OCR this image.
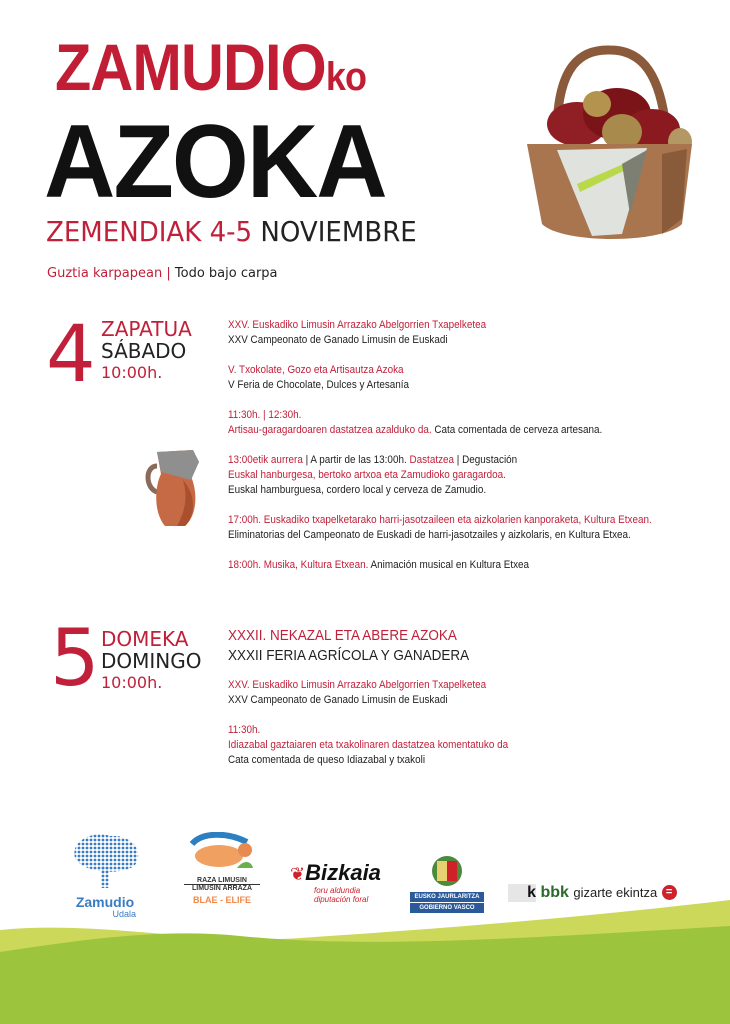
ZAMUDIOko
AZOKA
ZEMENDIAK 4-5 NOVIEMBRE
Guztia karpapean | Todo bajo carpa
4 ZAPATUA
SÁBADO
10:00h.
XXV. Euskadiko Limusin Arrazako Abelgorrien Txapelketea
XXV Campeonato de Ganado Limusin de Euskadi
V. Txokolate, Gozo eta Artisautza Azoka
V Feria de Chocolate, Dulces y Artesanía
11:30h. | 12:30h.
Artisau-garagardoaren dastatzea azalduko da. Cata comentada de cerveza artesana.
13:00etik aurrera | A partir de las 13:00h. Dastatzea | Degustación
Euskal hanburgesa, bertoko artxoa eta Zamudioko garagardoa.
Euskal hamburguesa, cordero local y cerveza de Zamudio.
17:00h. Euskadiko txapelketarako harri-jasotzaileen eta aizkolarien kanporaketa, Kultura Etxean.
Eliminatorias del Campeonato de Euskadi de harri-jasotzailes y aizkolaris, en Kultura Etxea.
18:00h. Musika, Kultura Etxean. Animación musical en Kultura Etxea
5 DOMEKA
DOMINGO
10:00h.
XXXII. NEKAZAL ETA ABERE AZOKA
XXXII FERIA AGRÍCOLA Y GANADERA
XXV. Euskadiko Limusin Arrazako Abelgorrien Txapelketea
XXV Campeonato de Ganado Limusin de Euskadi
11:30h.
Idiazabal gaztaiaren eta txakolinaren dastatzea komentatuko da
Cata comentada de queso Idiazabal y txakoli
Zamudio
Udala
RAZA LIMUSIN
LIMUSIN ARRAZA
BLAE - ELIFE
❦Bizkaia
foru aldundia
diputación foral	EUSKO JAURLARITZA
GOBIERNO VASCO
k bbk gizarte ekintza =
